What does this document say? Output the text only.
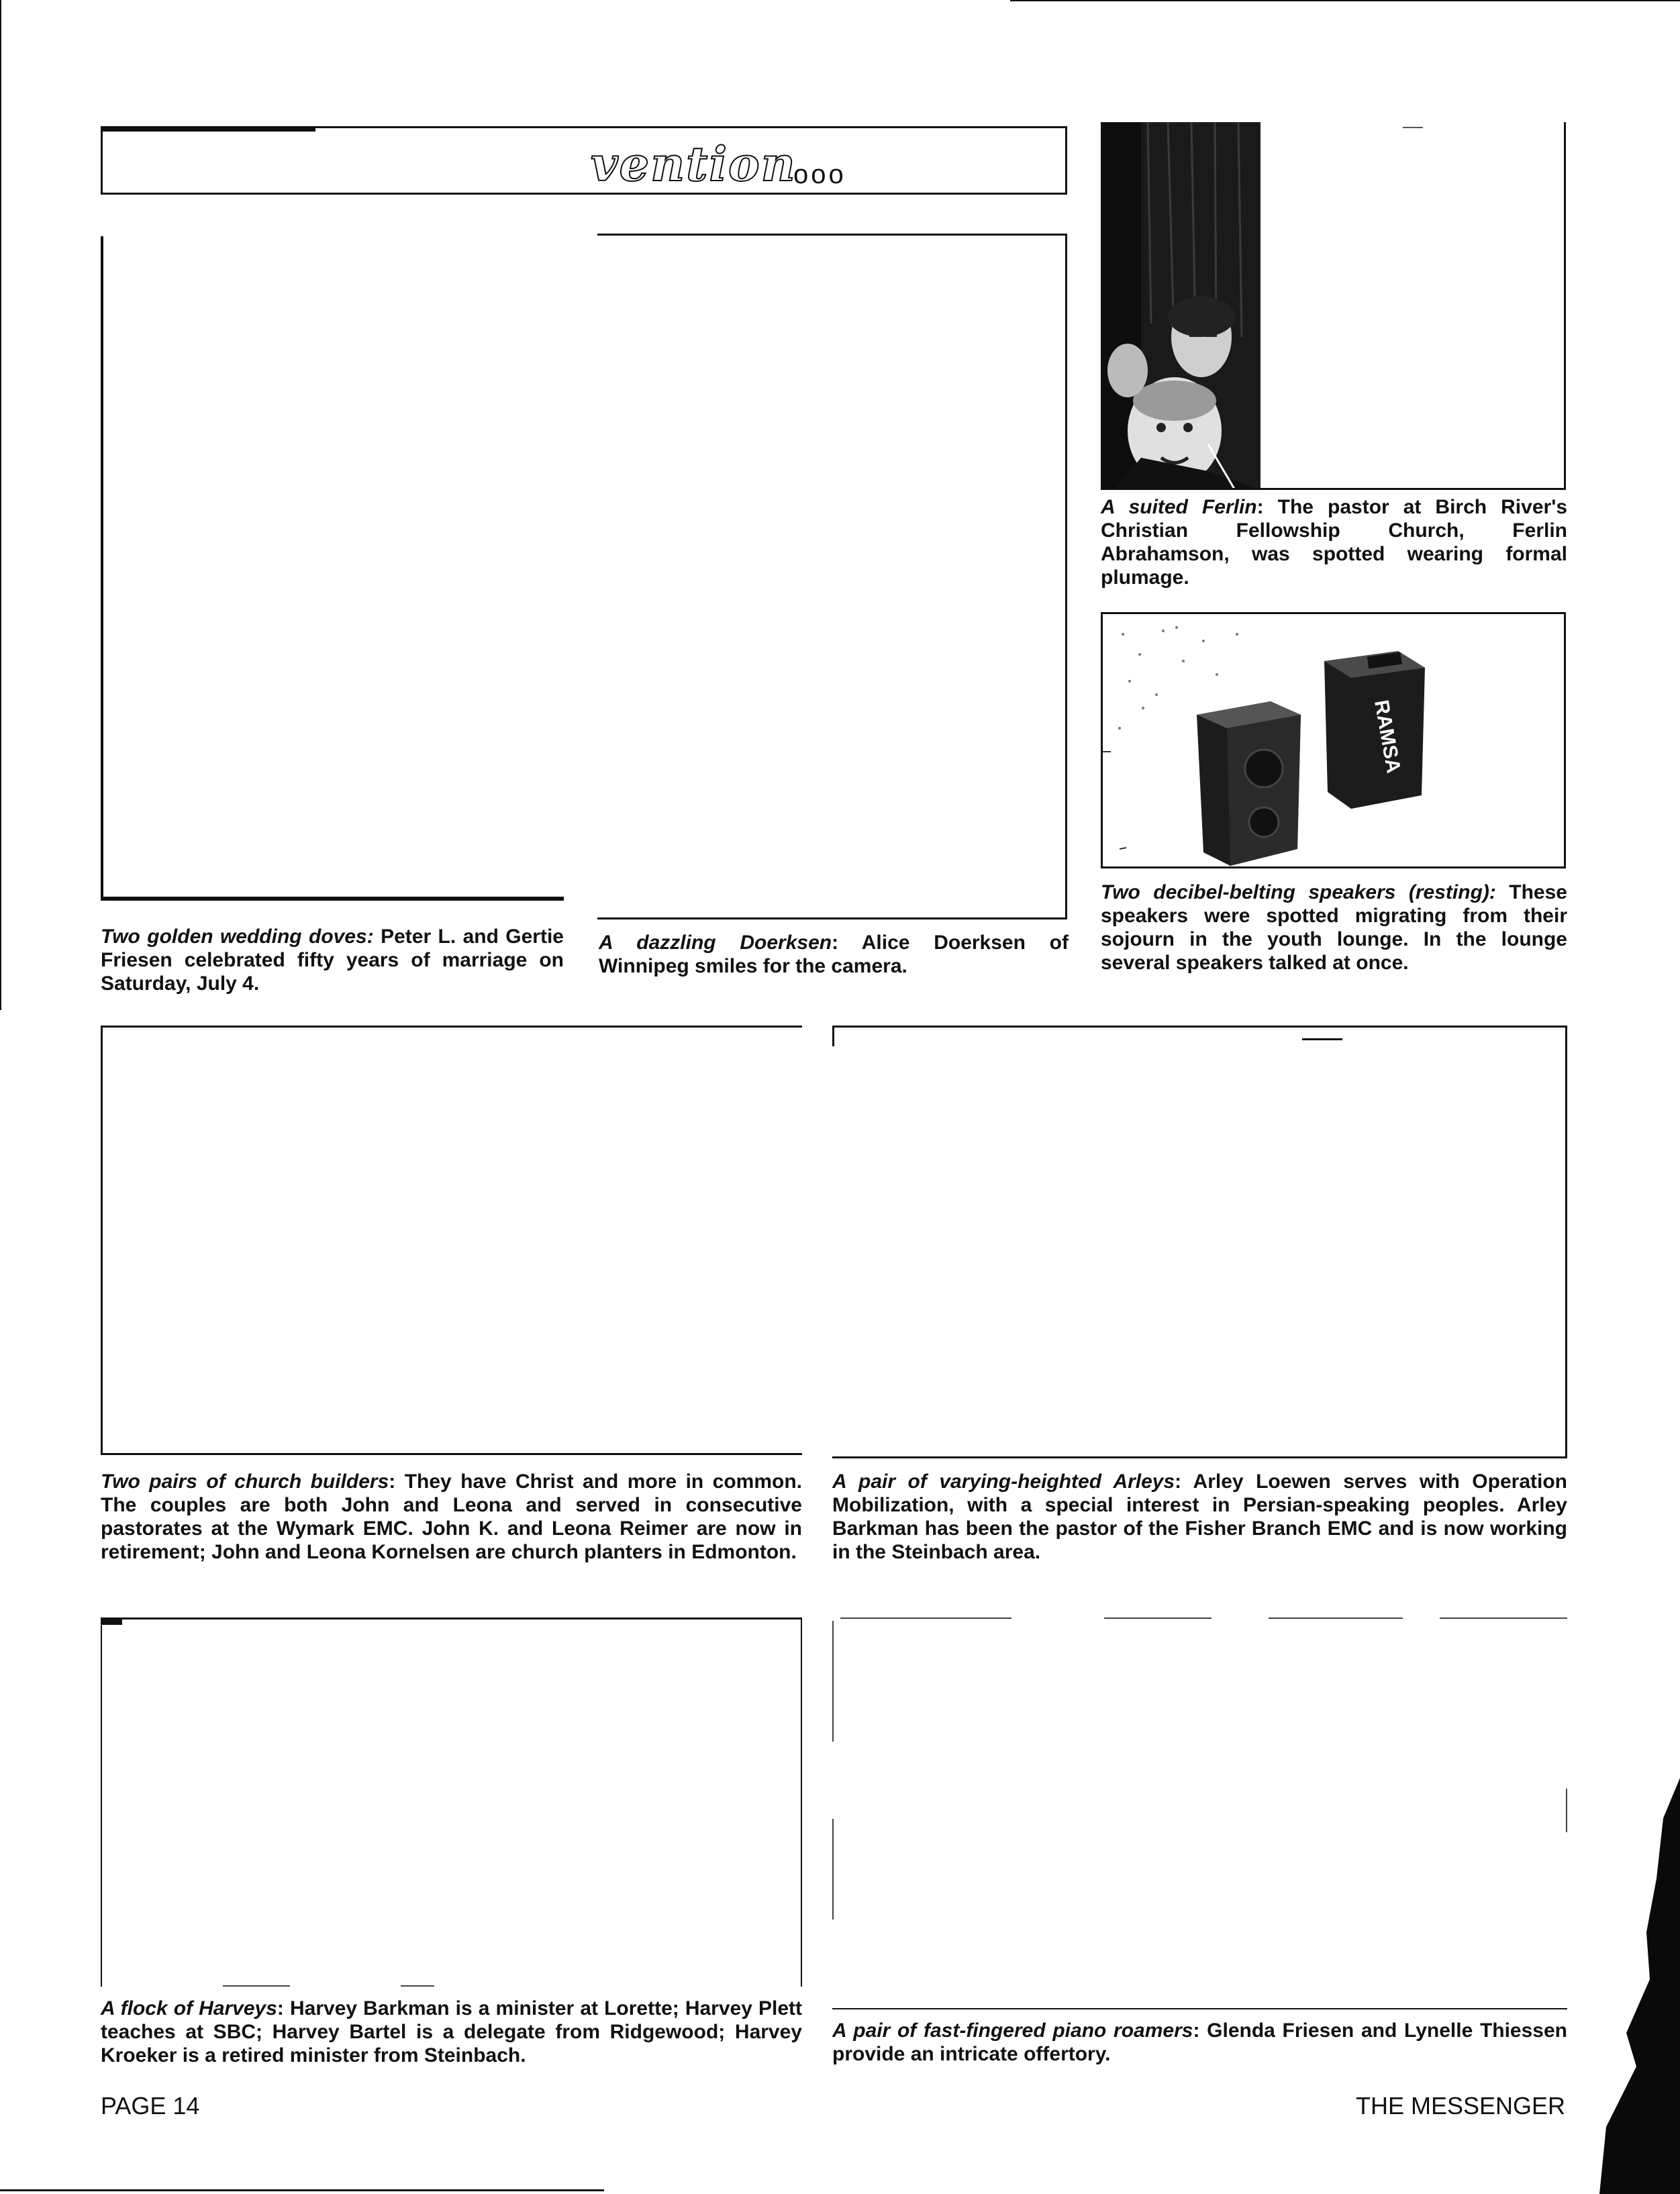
vention
ooo
RAMSA

Two golden wedding doves: Peter L. and Gertie Friesen celebrated fifty years of marriage on Saturday, July 4.

A dazzling Doerksen: Alice Doerksen of Winnipeg smiles for the camera.

A suited Ferlin: The pastor at Birch River's Christian Fellowship Church, Ferlin Abrahamson, was spotted wearing formal plumage.

Two decibel-belting speakers (resting): These speakers were spotted migrating from their sojourn in the youth lounge. In the lounge several speakers talked at once.

Two pairs of church builders: They have Christ and more in common. The couples are both John and Leona and served in consecutive pastorates at the Wymark EMC. John K. and Leona Reimer are now in retirement; John and Leona Kornelsen are church planters in Edmonton.

A pair of varying-heighted Arleys: Arley Loewen serves with Operation Mobilization, with a special interest in Persian-speaking peoples. Arley Barkman has been the pastor of the Fisher Branch EMC and is now working in the Steinbach area.

A flock of Harveys: Harvey Barkman is a minister at Lorette; Harvey Plett teaches at SBC; Harvey Bartel is a delegate from Ridgewood; Harvey Kroeker is a retired minister from Steinbach.

A pair of fast-fingered piano roamers: Glenda Friesen and Lynelle Thiessen provide an intricate offertory.

PAGE 14	THE MESSENGER
